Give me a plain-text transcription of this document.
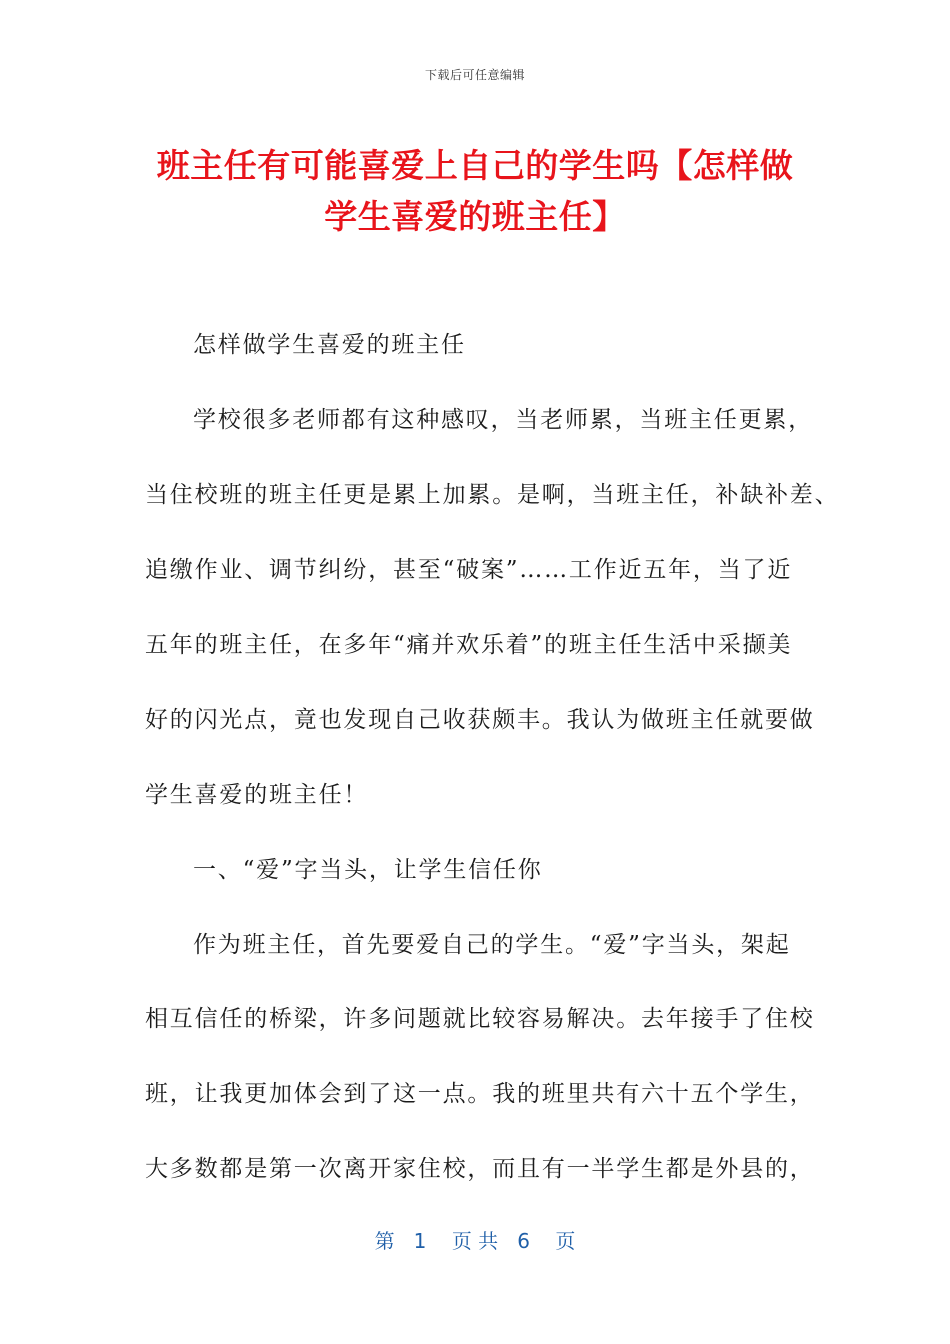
下载后可任意编辑
班主任有可能喜爱上自己的学生吗【怎样做
学生喜爱的班主任】

怎样做学生喜爱的班主任

学校很多老师都有这种感叹，当老师累，当班主任更累，

当住校班的班主任更是累上加累。是啊，当班主任，补缺补差、

追缴作业、调节纠纷，甚至“破案”……工作近五年，当了近

五年的班主任，在多年“痛并欢乐着”的班主任生活中采撷美

好的闪光点，竟也发现自己收获颇丰。我认为做班主任就要做

学生喜爱的班主任！

一、“爱”字当头，让学生信任你

作为班主任，首先要爱自己的学生。“爱”字当头，架起

相互信任的桥梁，许多问题就比较容易解决。去年接手了住校

班，让我更加体会到了这一点。我的班里共有六十五个学生，

大多数都是第一次离开家住校，而且有一半学生都是外县的，

第   1    页 共   6    页
